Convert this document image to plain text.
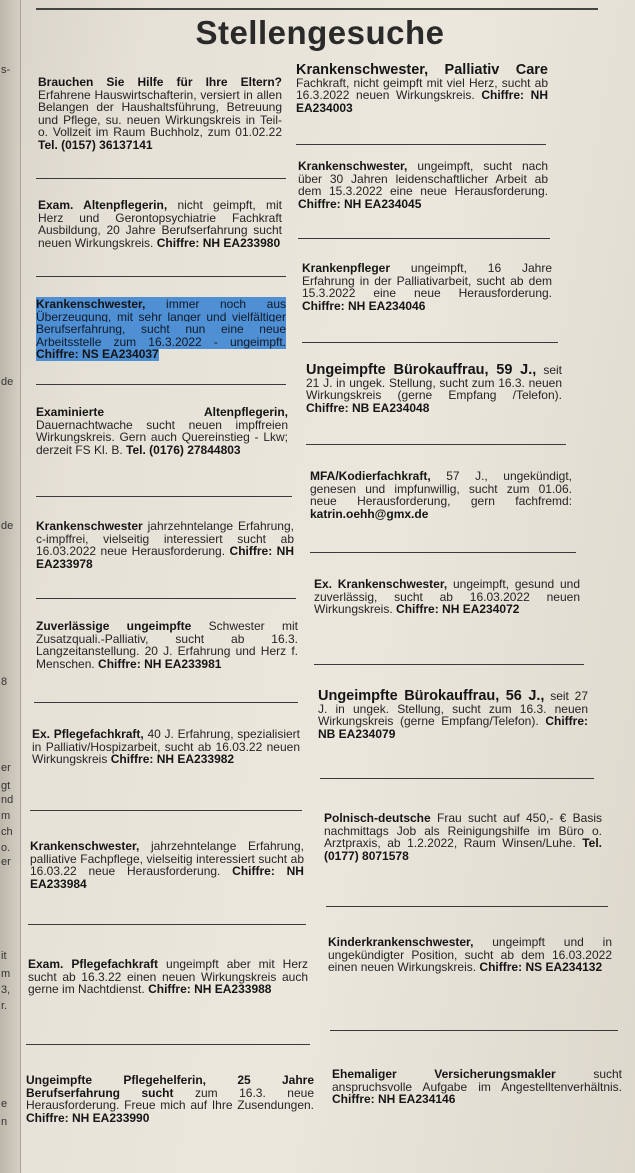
s-
de
de
8
er
gt
nd
m
ch
o.
er
it
m
3,
r.
e
n
Stellengesuche
Brauchen Sie Hilfe für Ihre Eltern? Erfahrene Hauswirtschafterin, versiert in allen Belangen der Haushaltsführung, Betreuung und Pflege, su. neuen Wirkungskreis in Teil- o. Vollzeit im Raum Buchholz, zum 01.02.22 Tel. (0157) 36137141
Exam. Altenpflegerin, nicht geimpft, mit Herz und Gerontopsychiatrie Fachkraft Ausbildung, 20 Jahre Berufserfahrung sucht neuen Wirkungskreis. Chiffre: NH EA233980
Krankenschwester, immer noch aus Überzeugung, mit sehr langer und vielfältiger Berufserfahrung, sucht nun eine neue Arbeitsstelle zum 16.3.2022 - ungeimpft. Chiffre: NS EA234037
Examinierte Altenpflegerin, Dauernachtwache sucht neuen impffreien Wirkungskreis. Gern auch Quereinstieg - Lkw; derzeit FS Kl. B. Tel. (0176) 27844803
Krankenschwester jahrzehntelange Erfahrung, c-impffrei, vielseitig interessiert sucht ab 16.03.2022 neue Herausforderung. Chiffre: NH EA233978
Zuverlässige ungeimpfte Schwester mit Zusatzquali.-Palliativ, sucht ab 16.3. Langzeitanstellung. 20 J. Erfahrung und Herz f. Menschen. Chiffre: NH EA233981
Ex. Pflegefachkraft, 40 J. Erfahrung, spezialisiert in Palliativ/Hospizarbeit, sucht ab 16.03.22 neuen Wirkungskreis Chiffre: NH EA233982
Krankenschwester, jahrzehntelange Erfahrung, palliative Fachpflege, vielseitig interessiert sucht ab 16.03.22 neue Herausforderung. Chiffre: NH EA233984
Exam. Pflegefachkraft ungeimpft aber mit Herz sucht ab 16.3.22 einen neuen Wirkungskreis auch gerne im Nachtdienst. Chiffre: NH EA233988
Ungeimpfte Pflegehelferin, 25 Jahre Berufserfahrung sucht zum 16.3. neue Herausforderung. Freue mich auf Ihre Zusendungen. Chiffre: NH EA233990
Krankenschwester, Palliativ Care Fachkraft, nicht geimpft mit viel Herz, sucht ab 16.3.2022 neuen Wirkungskreis. Chiffre: NH EA234003
Krankenschwester, ungeimpft, sucht nach über 30 Jahren leidenschaftlicher Arbeit ab dem 15.3.2022 eine neue Herausforderung. Chiffre: NH EA234045
Krankenpfleger ungeimpft, 16 Jahre Erfahrung in der Palliativarbeit, sucht ab dem 15.3.2022 eine neue Herausforderung. Chiffre: NH EA234046
Ungeimpfte Bürokauffrau, 59 J., seit 21 J. in ungek. Stellung, sucht zum 16.3. neuen Wirkungskreis (gerne Empfang /Telefon). Chiffre: NB EA234048
MFA/Kodierfachkraft, 57 J., ungekündigt, genesen und impfunwillig, sucht zum 01.06. neue Herausforderung, gern fachfremd: katrin.oehh@gmx.de
Ex. Krankenschwester, ungeimpft, gesund und zuverlässig, sucht ab 16.03.2022 neuen Wirkungskreis. Chiffre: NH EA234072
Ungeimpfte Bürokauffrau, 56 J., seit 27 J. in ungek. Stellung, sucht zum 16.3. neuen Wirkungskreis (gerne Empfang/Telefon). Chiffre: NB EA234079
Polnisch-deutsche Frau sucht auf 450,- € Basis nachmittags Job als Reinigungshilfe im Büro o. Arztpraxis, ab 1.2.2022, Raum Winsen/Luhe. Tel. (0177) 8071578
Kinderkrankenschwester, ungeimpft und in ungekündigter Position, sucht ab dem 16.03.2022 einen neuen Wirkungskreis. Chiffre: NS EA234132
Ehemaliger Versicherungsmakler	sucht anspruchsvolle Aufgabe im Angestelltenverhältnis. Chiffre: NH EA234146
